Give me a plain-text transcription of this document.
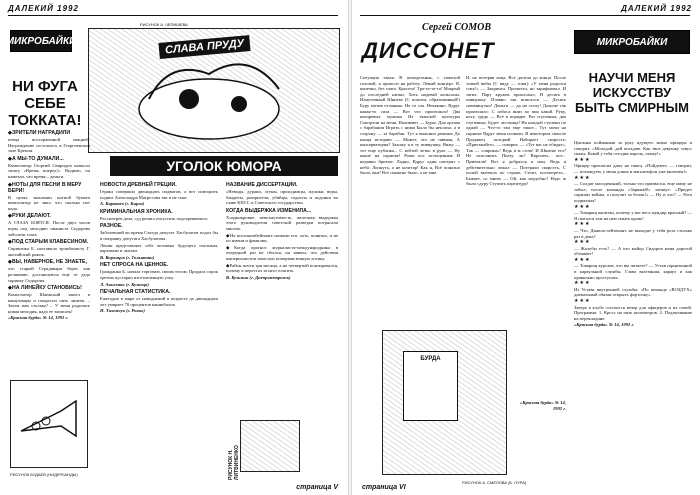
ДАЛЕКИЙ 1992
МИКРОБАЙКИ
НИ ФУГА СЕБЕ ТОККАТА!
РИСУНОК А. ЧЕПИШЕВА
СЛАВА ПРУДУ
УГОЛОК ЮМОРА
◆ ЗРИТЕЛИ НАГРАДИЛИ

певца восторженной овацией. Награждение состоялось в Георгиевском зале Кремля.

◆ А МЫ-ТО ДУМАЛИ...

Композитор Георгий Свиридов написал сюиту «Время, вперед!». Видимо, он намекал, что время – деньги.

◆ НОТЫ ДЛЯ ПЕСНИ В МЕРУ БЕРИ!

В целях экономии нотной бумаги композитор не знал, что сколько нот надо.

◆ РУКИ ДЕЛАЮТ.

А ГЛАЗА БОЯТСЯ. После двух часов игры под мелодию пианиста Сидорова заболели глаза.

◆ ПОД СТАРЫМ КЛАВЕСИНОМ.

Скрипачка Б. наставила тромбонисту Г. английский рожок.

◆ ВЫ, НАВЕРНОЕ, НЕ ЗНАЕТЕ,

что старый Страдивари берег, как реликвию, доставшуюся еще от деда скрипку Сидорова.

◆ НА ЛИНЕЙКУ СТАНОВИСЬ!

Композитор Шаинский зашел в канцтовары и попросил пять линеек. – Зачем вам столько? – У меня родилась новая мелодия, надо ее записать!

«Красная бурда» № 14, 1992 г.

РИСУНОК БУДАЕВ (НИДЕРЛАНДЫ)
НОВОСТИ ДРЕВНЕЙ ГРЕЦИИ.

Геракл совершил двенадцать подвигов, а вот повторить подвиг Александра Матросова так и не смог.

А. Караваев (г. Киров)

КРИМИНАЛЬНАЯ ХРОНИКА.

Рассмотрев дела, суд решил отпустить подозреваемого.

РАЗНОЕ.

Заболевший во время Съезда депутат Хасбулатов подал бы в поправку депутата Хасбулатова.

Ленин представляет себе человека будущего плотным, картавым и лысым.

В. Воронцов (г. Тольятти)

НЕТ СПРОСА НА ЦЕННОЕ.

Гражданка Б. начала торговать своим телом. Продала сорок третью кустарно изготовленную утку.

Л. Анисенко (г. Кузнецк)

ПЕЧАЛЬНАЯ СТАТИСТИКА.

Ежегодно в мире от наводнений в возрасте до двенадцати лет умирает 78 процентов каннибалов.

Н. Тихончук (г. Ровно)

НАЗВАНИЕ ДИССЕРТАЦИИ.

«Неводы, дураки, лгуны, проходимцы, жулики, воры, бандиты, разорители, убийцы, садисты и подонки во главе КПСС и Советского государства».

КОГДА ВЫДЕРЖКА ИЗМЕНИЛА...

Хладнокровие, невозмутимость, железная выдержка этого руководителя советской разведки потрясали многих.

◆ На исполкомбейтинге назвали его, хоть, понятно, и не по имени и фамилии.

◆ Когда прогноз журналиста-международника в очередной раз не сбылся, он заявил, что действия империалистов зачастую попервям всякую логику.

◆ Район почти три месяца, а на четвертый понтировался, почему в перестал за него платить.

В. Кузьмин (г. Днепропетровск)

РИСУНОК Н. ЛИТВИНЕНКО
страница V
ДАЛЕКИЙ 1992
Сергей СОМОВ
ДИССОНЕТ	МИКРОБАЙКИ
НАУЧИ МЕНЯ ИСКУССТВУ БЫТЬ СМИРНЫМ

Ситуация такая: В понедельник, с тяжелой головой, я приполз на работу. Левый концерт. Я, конечно, без злата. Красота! Тра-та-та-та! Мокрый до последней нитки, Хоть надевай кальсоны. Измученный Шнитке (С понтом, образованный!) Буру мотив отчаянно. Не со зла. Нечаянно. Вдруг какая-то сила — Вот что произошло! Два нагиревых мужика Из тяжелой культуры Смотрели на меня, Наливают — Буры. Для органа с барабаном Играть с ними Было бы неплохо, а в сторону — за барабан. Тут я выяснил решимо До конца историю — Может, это не пивная, А консерватория? Захожу я в ту пивнушку, Вижу — тот еще публика... С кобзой четко в руке — Ну какие на скрипке! Рожи все истощенные И недавно бритые. Ладно, Вдруг один смотрит с неба: Лопнуть, а не кочегар! Как я, Всё понятно было, вам! Всё понятно было, а не мне.

И, не потеряв лица, Все допела до конца. После этакой вибы (С виду — гоня): «У меня родился стих!» — Закричал. Прочитал, но зарифмовал. И затих. Пару кружек прихлопал, И десять в пивнушку. Плавно так вписался — Десять сиюминутно! Деньги — да на столу! Дальше так произошло: С лабоса вниз по вон какой. Руку, ногу, грудь — Всё в порядке. Раз ступенька, два ступенька, Будет лестница! На каждой ступени по одной — Что-то там еще такое... Тут мочи на скрипке Вдруг меня позвали. В некотором смысле Продавец который Набирает скорость: «Приезжайте», — говорит, — «Тут вас не обидят». Так — «лирика»! Ведь я ж стою! И Шнитке его? Не исполнить Пьеху ли? Впрочем... все... Приехали! Вот я добрался к нам, Ведь я действительно лежал — Потеряли скорость, С полой вытекла по строке, Стоит, посмотреть... Бывает, со мною — Ой, как неудобно! Надо ж было сдуру Ступить партитуру!

БУРДА
РИСУНОК А. СМЕЛОВА (Б. ПУРА)
«Красная бурда» № 14, 1992 г.

Цыганка пойманная за руку идущего мимо офицера и говорит: «Молодой, дай погадаю. Как твое девушку зовут, скажу. Какой у тебя сегодня пароль, скажу!»

★★★

Офицер пригласил даму на танец. «Пойдемте, — говорит, — потанцуем, у меня длина и магнитофон уже включен!»

★★★

— Солдат молоденький, только что призвался, еще маму не забыл, после команды «Заряжай!» затянул: «Придет сержант войны, а получит за бочок!» — Ну и что? — Рота подвалила!

★★★

— Товарищ капитан, почему у вас весь мундир красный? — Я пытался там на нем смыть кровь!

★★★

— Что, Данила-лейтенант, не выходит у тебя рота столько раз в день?

★★★

— Жалобы есть? — А кто майор Сидоров меня дорогой обзывает!

★★★

— Товарищ курсант, что вы читаете? — Устав гарнизонной и караульной службы. Глава вахтенная, караул и как правильно проступать.

★★★

Из Устава внутренней службы: «По команде «ВОЗДУХ» дневальный обязан открыть форточку».

★★★

Завтра в клубе состоится вечер для офицеров и их семей. Программа: 1. Кросс на пять километров. 2. Подтягивание на перекладине.

«Красная бурда» № 14, 1992 г.

страница VI
